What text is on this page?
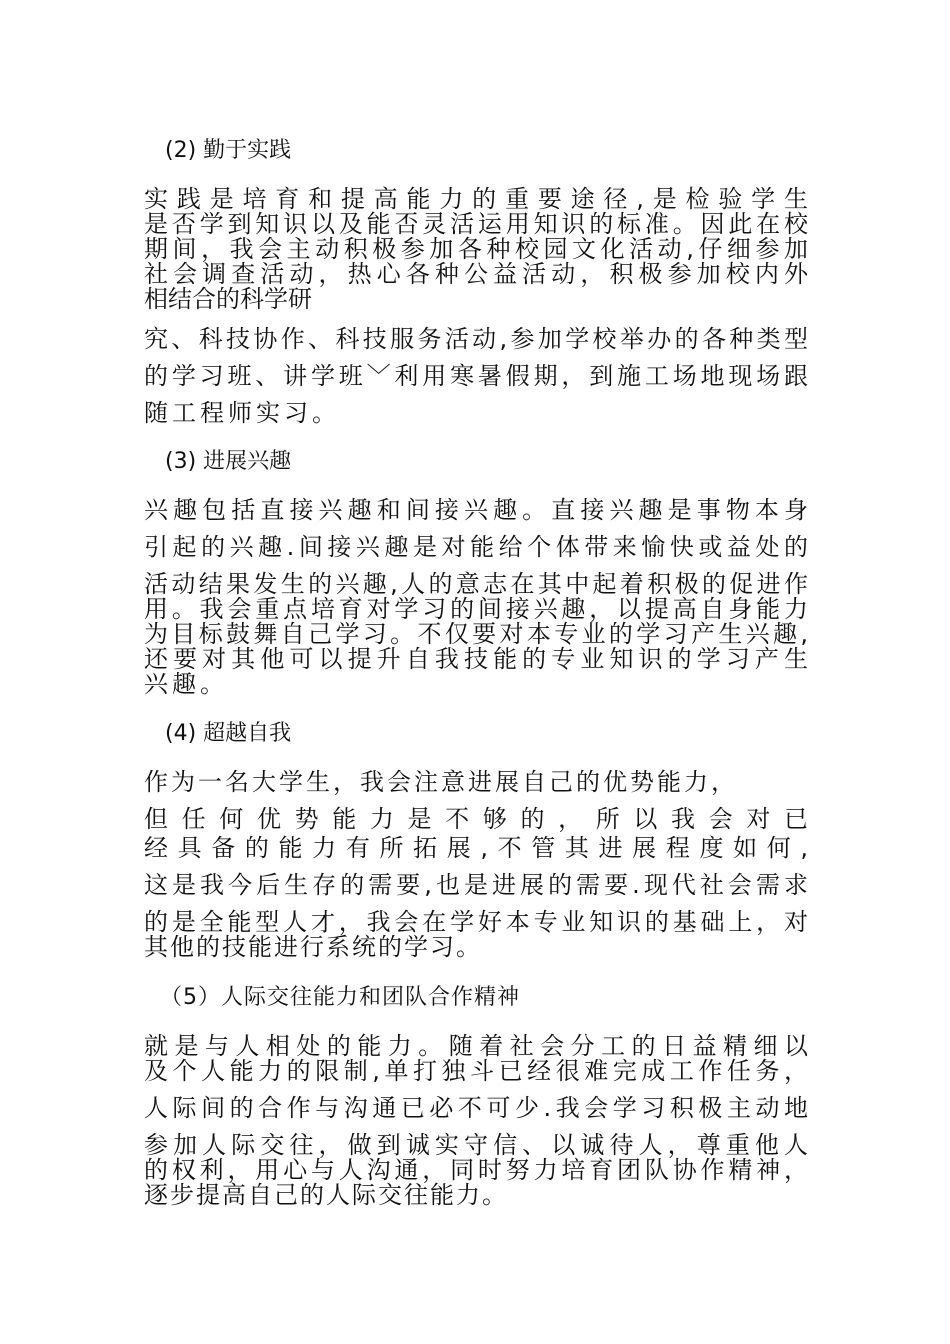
(2) 勤于实践
实践是培育和提高能力的重要途径,是检验学生
是否学到知识以及能否灵活运用知识的标准。因此在校
期间，我会主动积极参加各种校园文化活动,仔细参加
社会调查活动，热心各种公益活动，积极参加校内外
相结合的科学研
究、科技协作、科技服务活动,参加学校举办的各种类型
的学习班、讲学班﹀利用寒暑假期，到施工场地现场跟
随工程师实习。
(3) 进展兴趣
兴趣包括直接兴趣和间接兴趣。直接兴趣是事物本身
引起的兴趣.间接兴趣是对能给个体带来愉快或益处的
活动结果发生的兴趣,人的意志在其中起着积极的促进作
用。我会重点培育对学习的间接兴趣，以提高自身能力
为目标鼓舞自己学习。不仅要对本专业的学习产生兴趣,
还要对其他可以提升自我技能的专业知识的学习产生
兴趣。
(4) 超越自我
作为一名大学生，我会注意进展自己的优势能力，
但任何优势能力是不够的，所以我会对已
经具备的能力有所拓展,不管其进展程度如何,
这是我今后生存的需要,也是进展的需要.现代社会需求
的是全能型人才，我会在学好本专业知识的基础上，对
其他的技能进行系统的学习。
（5）人际交往能力和团队合作精神
就是与人相处的能力。随着社会分工的日益精细以
及个人能力的限制,单打独斗已经很难完成工作任务，
人际间的合作与沟通已必不可少.我会学习积极主动地
参加人际交往，做到诚实守信、以诚待人，尊重他人
的权利，用心与人沟通，同时努力培育团队协作精神，
逐步提高自己的人际交往能力。
